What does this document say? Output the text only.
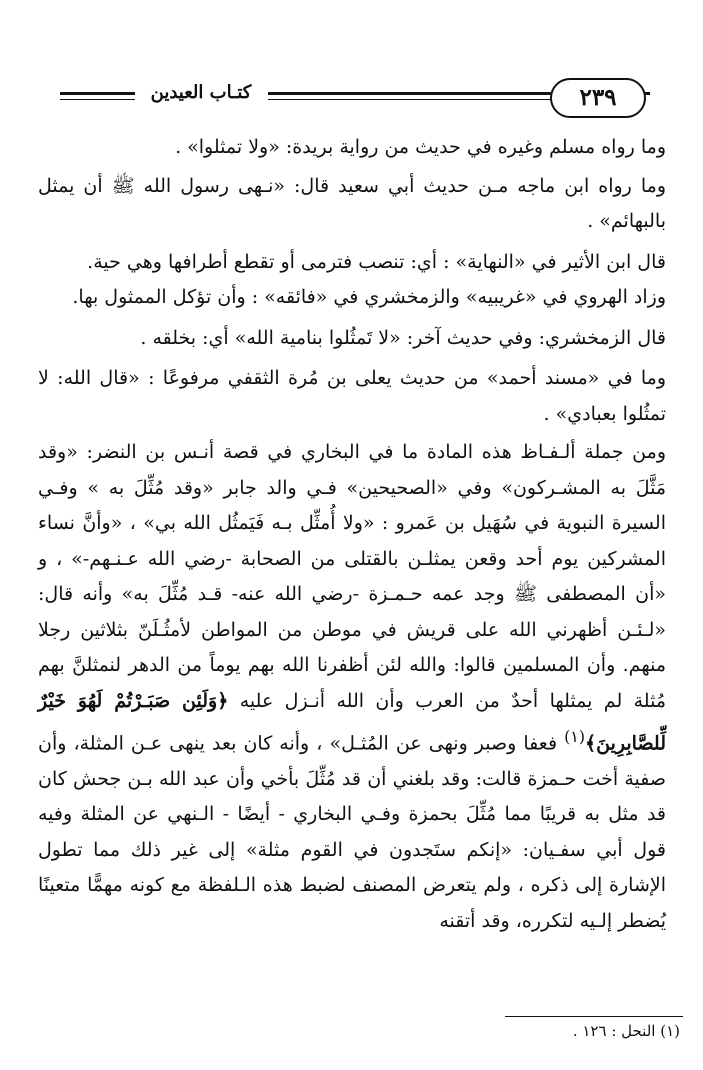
كتـاب العيدين	٢٣٩

وما رواه مسلم وغيره في حديث من رواية بريدة: «ولا تمثلوا» .

وما رواه ابن ماجه مـن حديث أبي سعيد قال: «نـهى رسول الله ﷺ أن يمثل بالبهائم» .

قال ابن الأثير في «النهاية» : أي: تنصب فترمى أو تقطع أطرافها وهي حية.

وزاد الهروي في «غريبيه» والزمخشري في «فائقه» : وأن تؤكل الممثول بها.

قال الزمخشري: وفي حديث آخر: «لا تَمثُلوا بنامية الله» أي: بخلقه .

وما في «مسند أحمد» من حديث يعلى بن مُرة الثقفي مرفوعًا : «قال الله: لا تمثُلوا بعبادي» .

ومن جملة ألـفـاظ هذه المادة ما في البخاري في قصة أنـس بن النضر: «وقد مَثَّلَ به المشـركون» وفي «الصحيحين» فـي والد جابر «وقد مُثِّلَ به » وفـي السيرة النبوية في سُهَيل بن عَمرو : «ولا أُمثِّل بـه فَيَمثُل الله بي» ، «وأنَّ نساء المشركين يوم أحد وقعن يمثلـن بالقتلى من الصحابة -رضي الله عـنـهم-» ، و «أن المصطفى ﷺ وجد عمه حـمـزة -رضي الله عنه- قـد مُثِّلَ به» وأنه قال: «لـئـن أظهرني الله على قريش في موطن من المواطن لأمثُـلَنّ بثلاثين رجلا منهم. وأن المسلمين قالوا: والله لئن أظفرنا الله بهم يوماً من الدهر لنمثلنَّ بهم مُثلة لم يمثلها أحدٌ من العرب وأن الله أنـزل عليه ﴿وَلَئِن صَبَـرْتُمْ لَهُوَ خَيْرٌ لِّلصَّابِرِينَ﴾$^{(١)}$ فعفا وصبر ونهى عن المُثـل» ، وأنه كان بعد ينهى عـن المثلة، وأن صفية أخت حـمزة قالت: وقد بلغني أن قد مُثِّلَ بأخي وأن عبد الله بـن جحش كان قد مثل به قريبًا مما مُثِّلَ بحمزة وفـي البخاري - أيضًا - الـنهي عن المثلة وفيه قول أبي سفـيان: «إنكم ستَجدون في القوم مثلة» إلى غير ذلك مما تطول الإشارة إلى ذكره ، ولم يتعرض المصنف لضبط هذه الـلفظة مع كونه مهمًّا متعينًا يُضطر إلـيه لتكرره، وقد أتقنه

(١) النحل : ١٢٦ .
